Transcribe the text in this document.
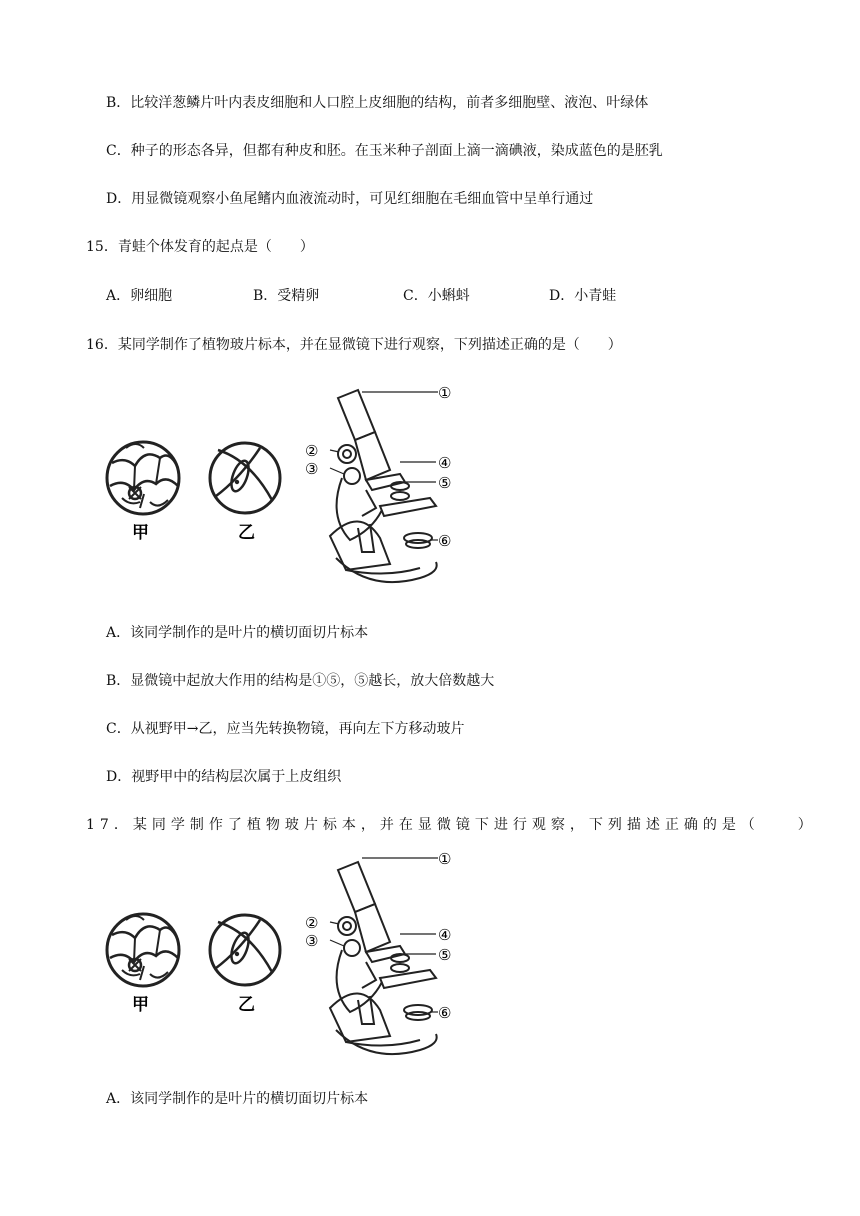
B．比较洋葱鳞片叶内表皮细胞和人口腔上皮细胞的结构，前者多细胞壁、液泡、叶绿体
C．种子的形态各异，但都有种皮和胚。在玉米种子剖面上滴一滴碘液，染成蓝色的是胚乳
D．用显微镜观察小鱼尾鳍内血液流动时，可见红细胞在毛细血管中呈单行通过
15．青蛙个体发育的起点是（　　）
A．卵细胞	B．受精卵	C．小蝌蚪	D．小青蛙
16．某同学制作了植物玻片标本，并在显微镜下进行观察，下列描述正确的是（　　）
甲	乙
①
②
③	④
⑤
⑥
A．该同学制作的是叶片的横切面切片标本
B．显微镜中起放大作用的结构是①⑤，⑤越长，放大倍数越大
C．从视野甲→乙，应当先转换物镜，再向左下方移动玻片
D．视野甲中的结构层次属于上皮组织
17．某同学制作了植物玻片标本，并在显微镜下进行观察，下列描述正确的是（　　）
甲	乙
①
②
③	④
⑤
⑥
A．该同学制作的是叶片的横切面切片标本
